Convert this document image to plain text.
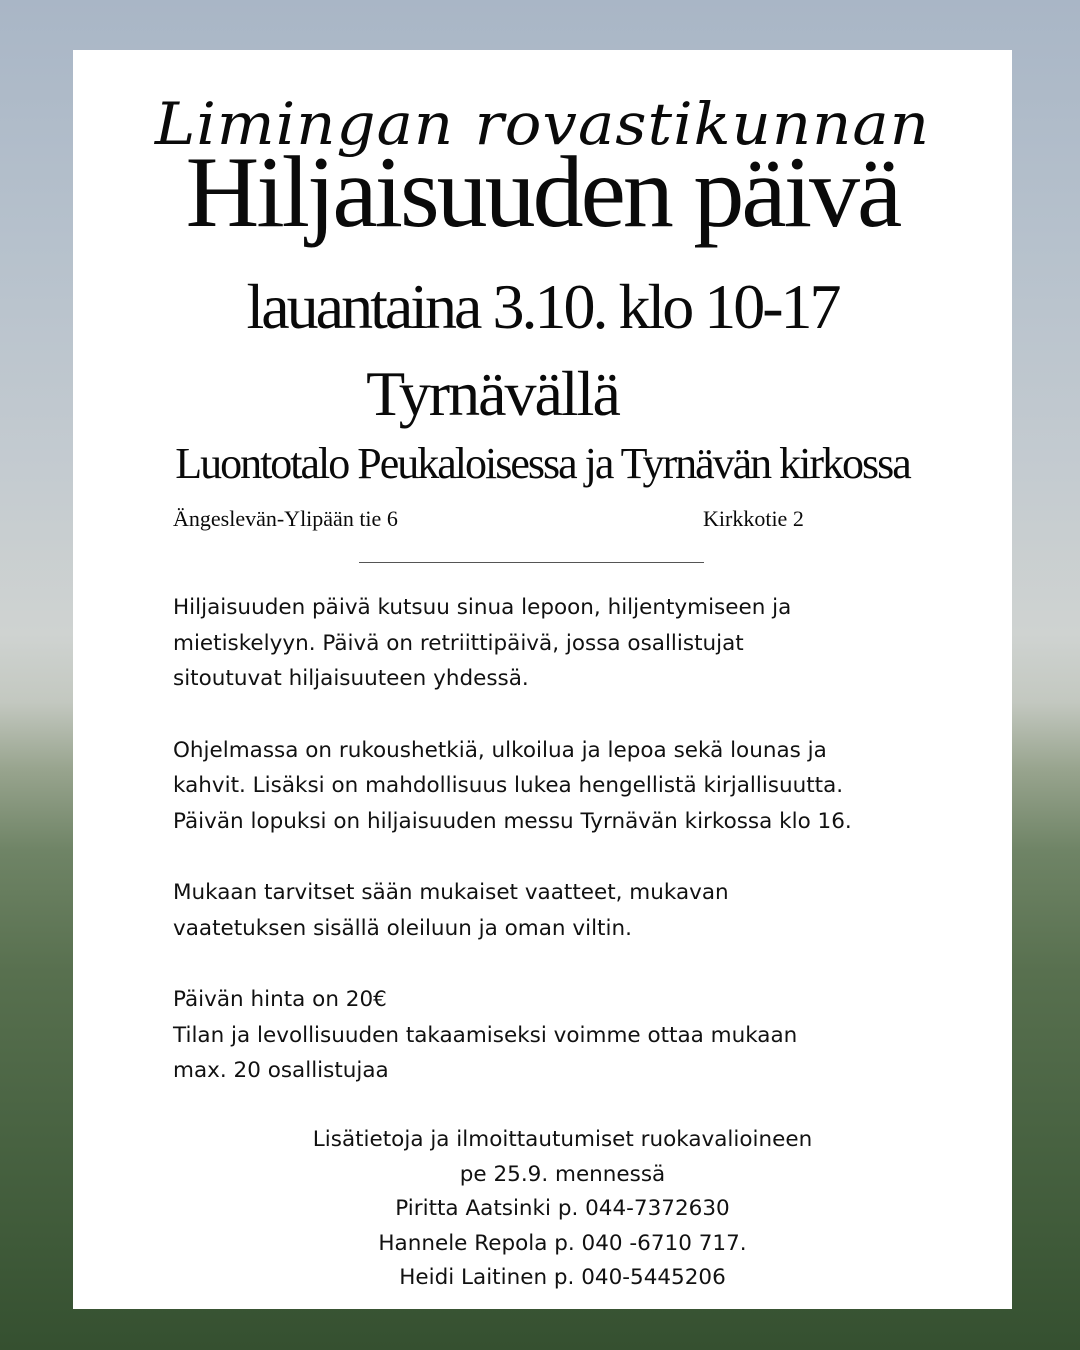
Limingan rovastikunnan
Hiljaisuuden päivä
lauantaina 3.10. klo 10-17
Tyrnävällä
Luontotalo Peukaloisessa ja Tyrnävän kirkossa
Ängeslevän-Ylipään tie 6	Kirkkotie 2

Hiljaisuuden päivä kutsuu sinua lepoon, hiljentymiseen ja
mietiskelyyn. Päivä on retriittipäivä, jossa osallistujat
sitoutuvat hiljaisuuteen yhdessä.

Ohjelmassa on rukoushetkiä, ulkoilua ja lepoa sekä lounas ja
kahvit. Lisäksi on mahdollisuus lukea hengellistä kirjallisuutta.
Päivän lopuksi on hiljaisuuden messu Tyrnävän kirkossa klo 16.

Mukaan tarvitset sään mukaiset vaatteet, mukavan
vaatetuksen sisällä oleiluun ja oman viltin.

Päivän hinta on 20€
Tilan ja levollisuuden takaamiseksi voimme ottaa mukaan
max. 20 osallistujaa

Lisätietoja ja ilmoittautumiset ruokavalioineen
pe 25.9. mennessä
Piritta Aatsinki p. 044-7372630
Hannele Repola p. 040 -6710 717.
Heidi Laitinen p. 040-5445206
